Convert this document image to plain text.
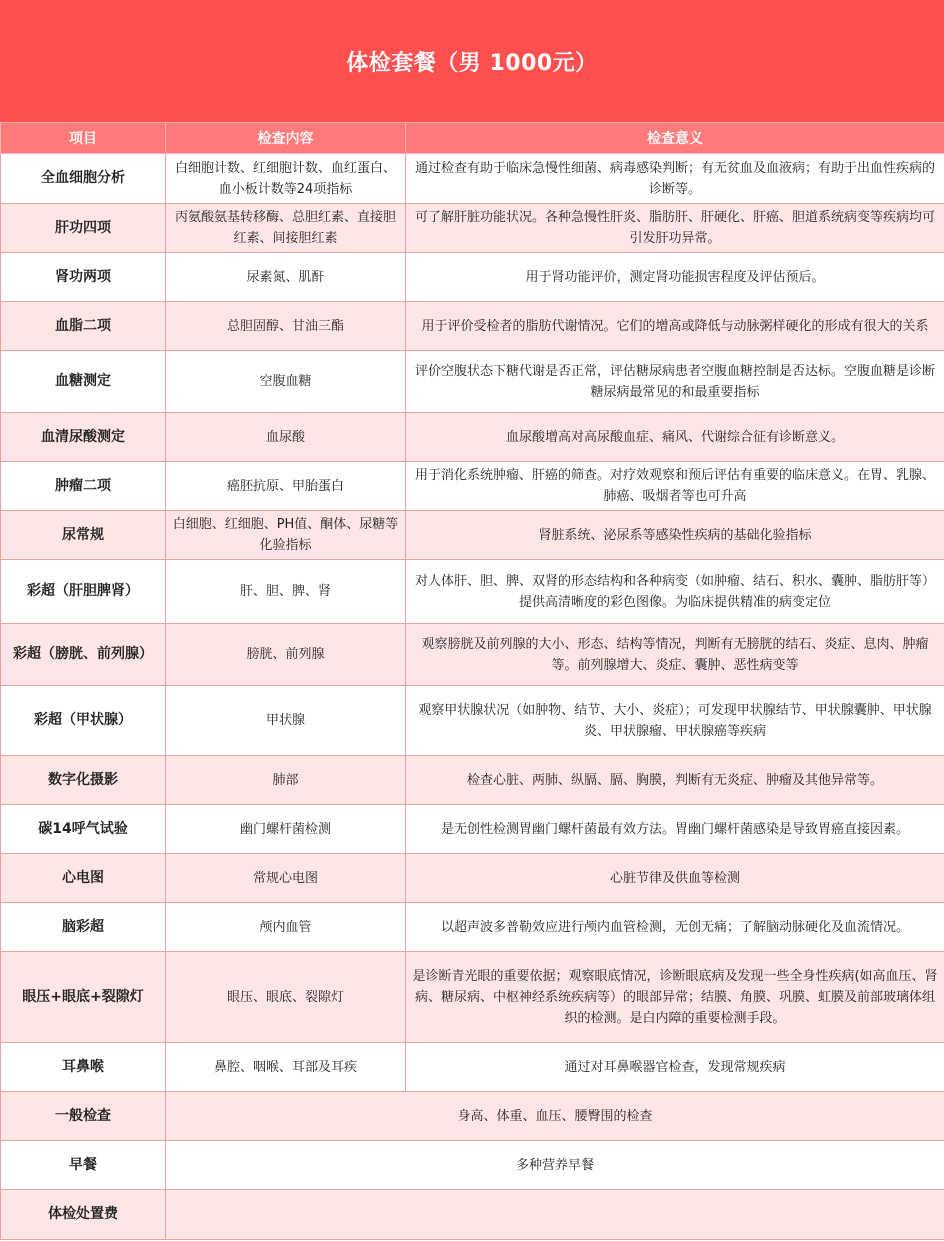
体检套餐（男 1000元）
项目	检查内容	检查意义
全血细胞分析	白细胞计数、红细胞计数、血红蛋白、血小板计数等24项指标	通过检查有助于临床急慢性细菌、病毒感染判断；有无贫血及血液病；有助于出血性疾病的诊断等。
肝功四项	丙氨酸氨基转移酶、总胆红素、直接胆红素、间接胆红素	可了解肝脏功能状况。各种急慢性肝炎、脂肪肝、肝硬化、肝癌、胆道系统病变等疾病均可引发肝功异常。
肾功两项	尿素氮、肌酐	用于肾功能评价，测定肾功能损害程度及评估预后。
血脂二项	总胆固醇、甘油三酯	用于评价受检者的脂肪代谢情况。它们的增高或降低与动脉粥样硬化的形成有很大的关系
血糖测定	空腹血糖	评价空腹状态下糖代谢是否正常，评估糖尿病患者空腹血糖控制是否达标。空腹血糖是诊断糖尿病最常见的和最重要指标
血清尿酸测定	血尿酸	血尿酸增高对高尿酸血症、痛风、代谢综合征有诊断意义。
肿瘤二项	癌胚抗原、甲胎蛋白	用于消化系统肿瘤、肝癌的筛查。对疗效观察和预后评估有重要的临床意义。在胃、乳腺、肺癌、吸烟者等也可升高
尿常规	白细胞、红细胞、PH值、酮体、尿糖等化验指标	肾脏系统、泌尿系等感染性疾病的基础化验指标
彩超（肝胆脾肾）	肝、胆、脾、肾	对人体肝、胆、脾、双肾的形态结构和各种病变（如肿瘤、结石、积水、囊肿、脂肪肝等）提供高清晰度的彩色图像。为临床提供精准的病变定位
彩超（膀胱、前列腺）	膀胱、前列腺	观察膀胱及前列腺的大小、形态、结构等情况，判断有无膀胱的结石、炎症、息肉、肿瘤等。前列腺增大、炎症、囊肿、恶性病变等
彩超（甲状腺）	甲状腺	观察甲状腺状况（如肿物、结节、大小、炎症）；可发现甲状腺结节、甲状腺囊肿、甲状腺炎、甲状腺瘤、甲状腺癌等疾病
数字化摄影	肺部	检查心脏、两肺、纵膈、膈、胸膜，判断有无炎症、肿瘤及其他异常等。
碳14呼气试验	幽门螺杆菌检测	是无创性检测胃幽门螺杆菌最有效方法。胃幽门螺杆菌感染是导致胃癌直接因素。
心电图	常规心电图	心脏节律及供血等检测
脑彩超	颅内血管	以超声波多普勒效应进行颅内血管检测，无创无痛；了解脑动脉硬化及血流情况。
眼压+眼底+裂隙灯	眼压、眼底、裂隙灯	是诊断青光眼的重要依据；观察眼底情况，诊断眼底病及发现一些全身性疾病(如高血压、肾病、糖尿病、中枢神经系统疾病等）的眼部异常；结膜、角膜、巩膜、虹膜及前部玻璃体组织的检测。是白内障的重要检测手段。
耳鼻喉	鼻腔、咽喉、耳部及耳疾	通过对耳鼻喉器官检查，发现常规疾病
一般检查	身高、体重、血压、腰臀围的检查	
早餐	多种营养早餐	
体检处置费		
